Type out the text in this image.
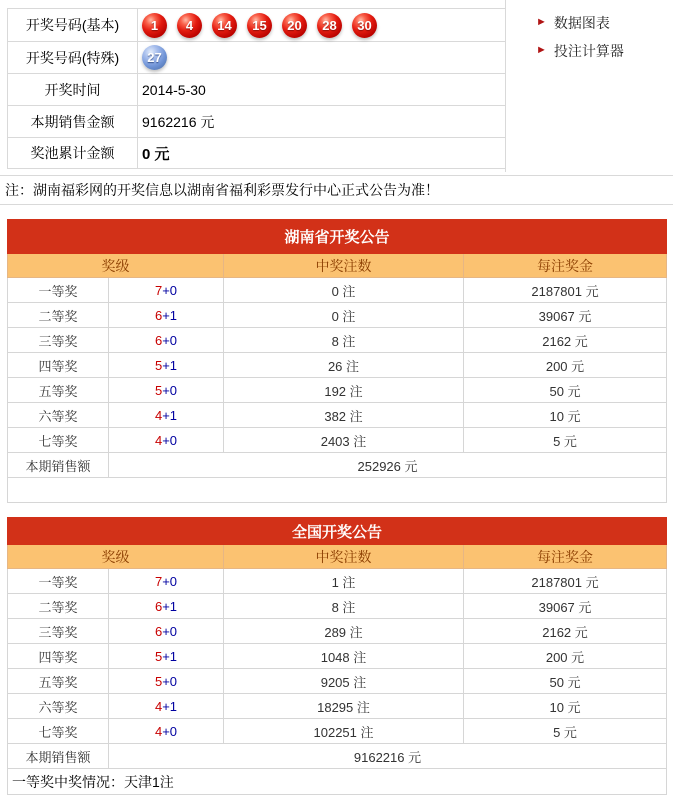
开奖号码(基本)	1	4	14	15	20	28	30

开奖号码(特殊)	27

开奖时间	2014-5-30
本期销售金额	9162216 元
奖池累计金额	0 元
► 数据图表
► 投注计算器
注：湖南福彩网的开奖信息以湖南省福利彩票发行中心正式公告为准！
湖南省开奖公告			
奖级		中奖注数	每注奖金
一等奖	7+0	0 注	2187801 元
二等奖	6+1	0 注	39067 元
三等奖	6+0	8 注	2162 元
四等奖	5+1	26 注	200 元
五等奖	5+0	192 注	50 元
六等奖	4+1	382 注	10 元
七等奖	4+0	2403 注	5 元
本期销售额	252926 元		

全国开奖公告			
奖级		中奖注数	每注奖金
一等奖	7+0	1 注	2187801 元
二等奖	6+1	8 注	39067 元
三等奖	6+0	289 注	2162 元
四等奖	5+1	1048 注	200 元
五等奖	5+0	9205 注	50 元
六等奖	4+1	18295 注	10 元
七等奖	4+0	102251 注	5 元
本期销售额	9162216 元		
一等奖中奖情况：天津1注			
